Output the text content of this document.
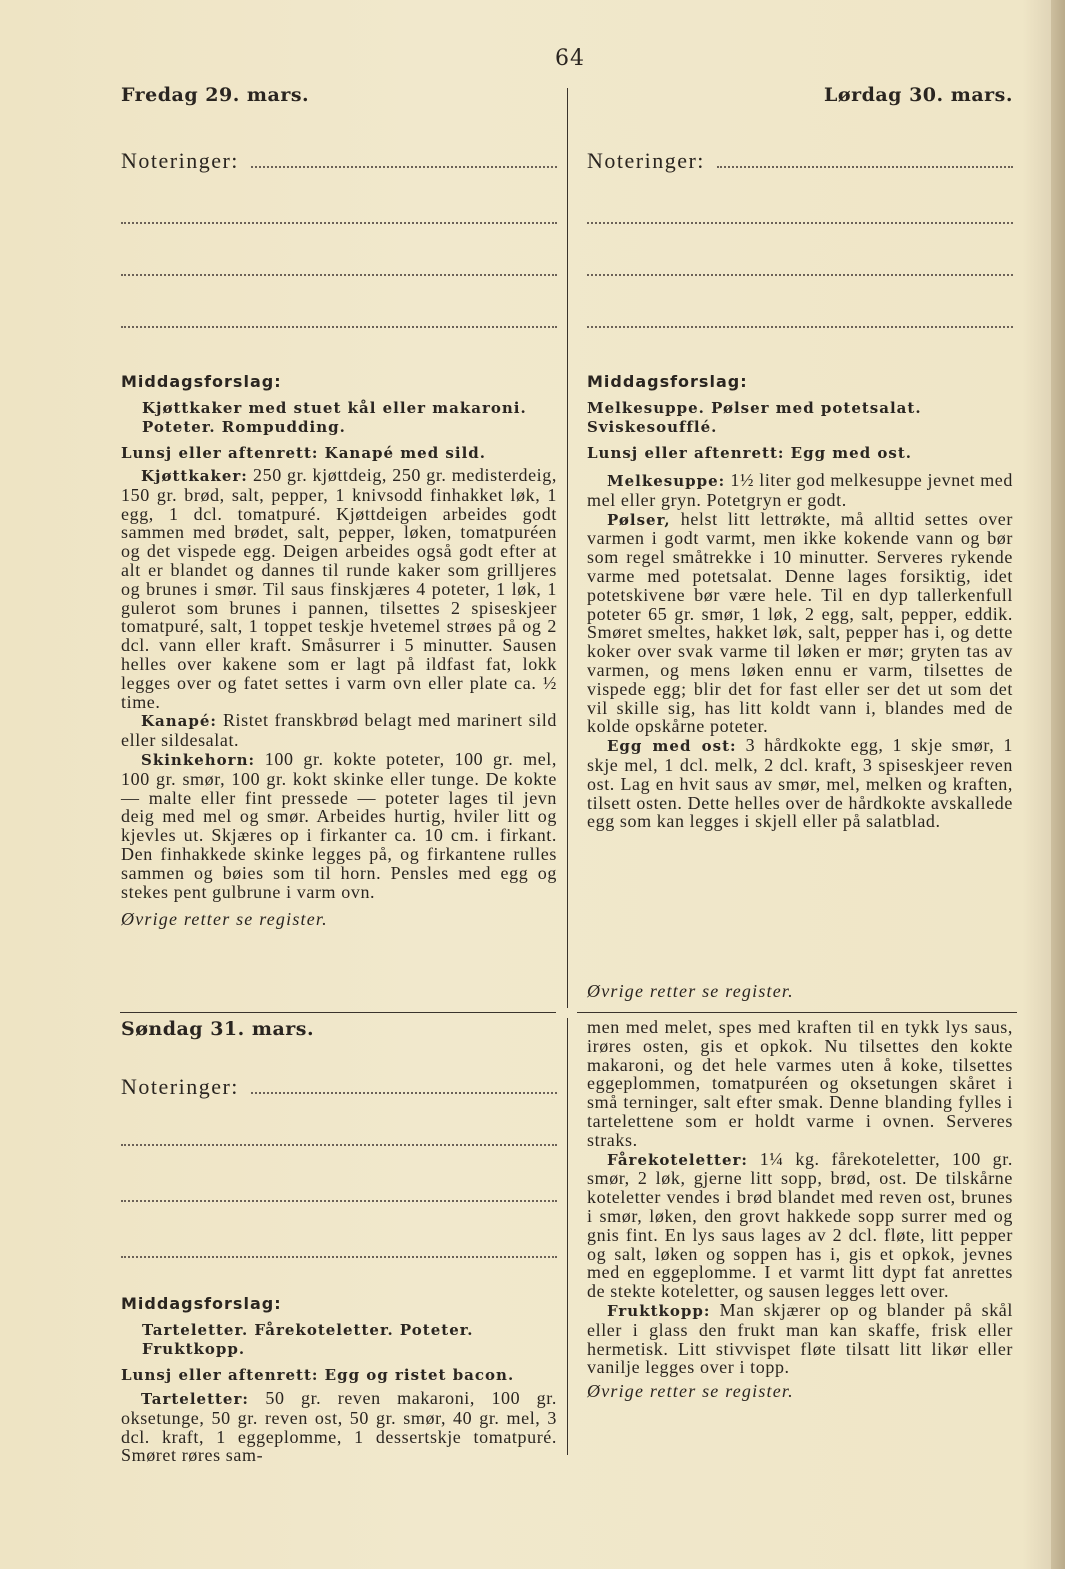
64
Fredag 29. mars.
Noteringer:
Middagsforslag:
Kjøttkaker med stuet kål eller makaroni. Poteter. Rompudding.
Lunsj eller aftenrett: Kanapé med sild.

Kjøttkaker: 250 gr. kjøttdeig, 250 gr. medisterdeig, 150 gr. brød, salt, pepper, 1 knivsodd finhakket løk, 1 egg, 1 dcl. tomatpuré. Kjøttdeigen arbeides godt sammen med brødet, salt, pepper, løken, tomatpuréen og det vispede egg. Deigen arbeides også godt efter at alt er blandet og dannes til runde kaker som grilljeres og brunes i smør. Til saus finskjæres 4 poteter, 1 løk, 1 gulerot som brunes i pannen, tilsettes 2 spiseskjeer tomatpuré, salt, 1 toppet teskje hvetemel strøes på og 2 dcl. vann eller kraft. Småsurrer i 5 minutter. Sausen helles over kakene som er lagt på ildfast fat, lokk legges over og fatet settes i varm ovn eller plate ca. ½ time.

Kanapé: Ristet franskbrød belagt med marinert sild eller sildesalat.

Skinkehorn: 100 gr. kokte poteter, 100 gr. mel, 100 gr. smør, 100 gr. kokt skinke eller tunge. De kokte — malte eller fint pressede — poteter lages til jevn deig med mel og smør. Arbeides hurtig, hviler litt og kjevles ut. Skjæres op i firkanter ca. 10 cm. i firkant. Den finhakkede skinke legges på, og firkantene rulles sammen og bøies som til horn. Pensles med egg og stekes pent gulbrune i varm ovn.

Øvrige retter se register.
Lørdag 30. mars.
Noteringer:
Middagsforslag:
Melkesuppe. Pølser med potetsalat. Sviskesoufflé.
Lunsj eller aftenrett: Egg med ost.

Melkesuppe: 1½ liter god melkesuppe jevnet med mel eller gryn. Potetgryn er godt.

Pølser, helst litt lettrøkte, må alltid settes over varmen i godt varmt, men ikke kokende vann og bør som regel småtrekke i 10 minutter. Serveres rykende varme med potetsalat. Denne lages forsiktig, idet potetskivene bør være hele. Til en dyp tallerkenfull poteter 65 gr. smør, 1 løk, 2 egg, salt, pepper, eddik. Smøret smeltes, hakket løk, salt, pepper has i, og dette koker over svak varme til løken er mør; gryten tas av varmen, og mens løken ennu er varm, tilsettes de vispede egg; blir det for fast eller ser det ut som det vil skille sig, has litt koldt vann i, blandes med de kolde opskårne poteter.

Egg med ost: 3 hårdkokte egg, 1 skje smør, 1 skje mel, 1 dcl. melk, 2 dcl. kraft, 3 spiseskjeer reven ost. Lag en hvit saus av smør, mel, melken og kraften, tilsett osten. Dette helles over de hårdkokte avskallede egg som kan legges i skjell eller på salatblad.

Øvrige retter se register.
Søndag 31. mars.
Noteringer:
Middagsforslag:
Tarteletter. Fårekoteletter. Poteter. Fruktkopp.
Lunsj eller aftenrett: Egg og ristet bacon.

Tarteletter: 50 gr. reven makaroni, 100 gr. oksetunge, 50 gr. reven ost, 50 gr. smør, 40 gr. mel, 3 dcl. kraft, 1 eggeplomme, 1 dessertskje tomatpuré. Smøret røres sam-

men med melet, spes med kraften til en tykk lys saus, irøres osten, gis et opkok. Nu tilsettes den kokte makaroni, og det hele varmes uten å koke, tilsettes eggeplommen, tomatpuréen og oksetungen skåret i små terninger, salt efter smak. Denne blanding fylles i tartelettene som er holdt varme i ovnen. Serveres straks.

Fårekoteletter: 1¼ kg. fårekoteletter, 100 gr. smør, 2 løk, gjerne litt sopp, brød, ost. De tilskårne koteletter vendes i brød blandet med reven ost, brunes i smør, løken, den grovt hakkede sopp surrer med og gnis fint. En lys saus lages av 2 dcl. fløte, litt pepper og salt, løken og soppen has i, gis et opkok, jevnes med en eggeplomme. I et varmt litt dypt fat anrettes de stekte koteletter, og sausen legges lett over.

Fruktkopp: Man skjærer op og blander på skål eller i glass den frukt man kan skaffe, frisk eller hermetisk. Litt stivvispet fløte tilsatt litt likør eller vanilje legges over i topp.

Øvrige retter se register.
